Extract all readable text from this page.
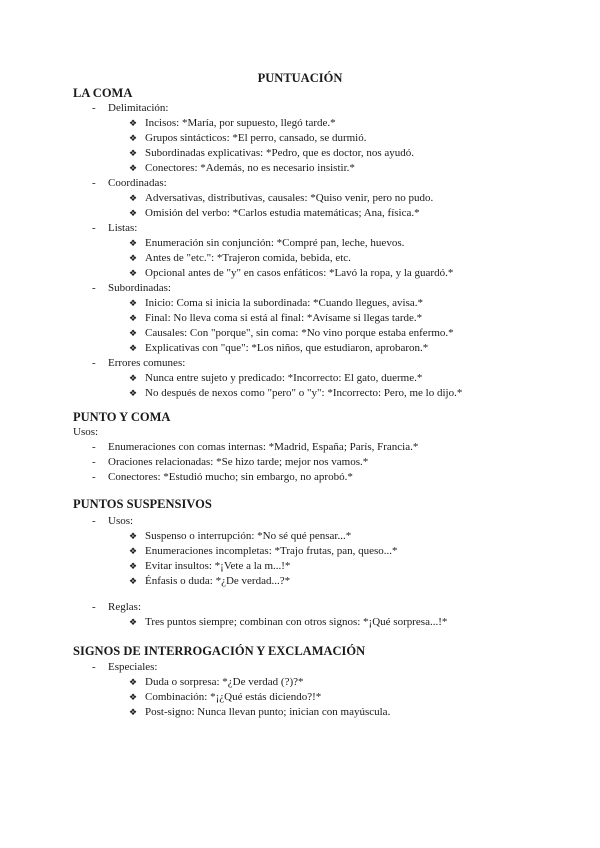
PUNTUACIÓN
LA COMA
- Delimitación:
❖ Incisos: *María, por supuesto, llegó tarde.*
❖ Grupos sintácticos: *El perro, cansado, se durmió.
❖ Subordinadas explicativas: *Pedro, que es doctor, nos ayudó.
❖ Conectores: *Además, no es necesario insistir.*
- Coordinadas:
❖ Adversativas, distributivas, causales: *Quiso venir, pero no pudo.
❖ Omisión del verbo: *Carlos estudia matemáticas; Ana, física.*
- Listas:
❖ Enumeración sin conjunción: *Compré pan, leche, huevos.
❖ Antes de "etc.": *Trajeron comida, bebida, etc.
❖ Opcional antes de "y" en casos enfáticos: *Lavó la ropa, y la guardó.*
- Subordinadas:
❖ Inicio: Coma si inicia la subordinada: *Cuando llegues, avisa.*
❖ Final: No lleva coma si está al final: *Avísame si llegas tarde.*
❖ Causales: Con "porque", sin coma: *No vino porque estaba enfermo.*
❖ Explicativas con "que": *Los niños, que estudiaron, aprobaron.*
- Errores comunes:
❖ Nunca entre sujeto y predicado: *Incorrecto: El gato, duerme.*
❖ No después de nexos como "pero" o "y": *Incorrecto: Pero, me lo dijo.*
PUNTO Y COMA
Usos:
- Enumeraciones con comas internas: *Madrid, España; París, Francia.*
- Oraciones relacionadas: *Se hizo tarde; mejor nos vamos.*
- Conectores: *Estudió mucho; sin embargo, no aprobó.*
PUNTOS SUSPENSIVOS
- Usos:
❖ Suspenso o interrupción: *No sé qué pensar...*
❖ Enumeraciones incompletas: *Trajo frutas, pan, queso...*
❖ Evitar insultos: *¡Vete a la m...!*
❖ Énfasis o duda: *¿De verdad...?*
- Reglas:
❖ Tres puntos siempre; combinan con otros signos: *¡Qué sorpresa...!*
SIGNOS DE INTERROGACIÓN Y EXCLAMACIÓN
- Especiales:
❖ Duda o sorpresa: *¿De verdad (?)?*
❖ Combinación: *¡¿Qué estás diciendo?!*
❖ Post-signo: Nunca llevan punto; inician con mayúscula.
